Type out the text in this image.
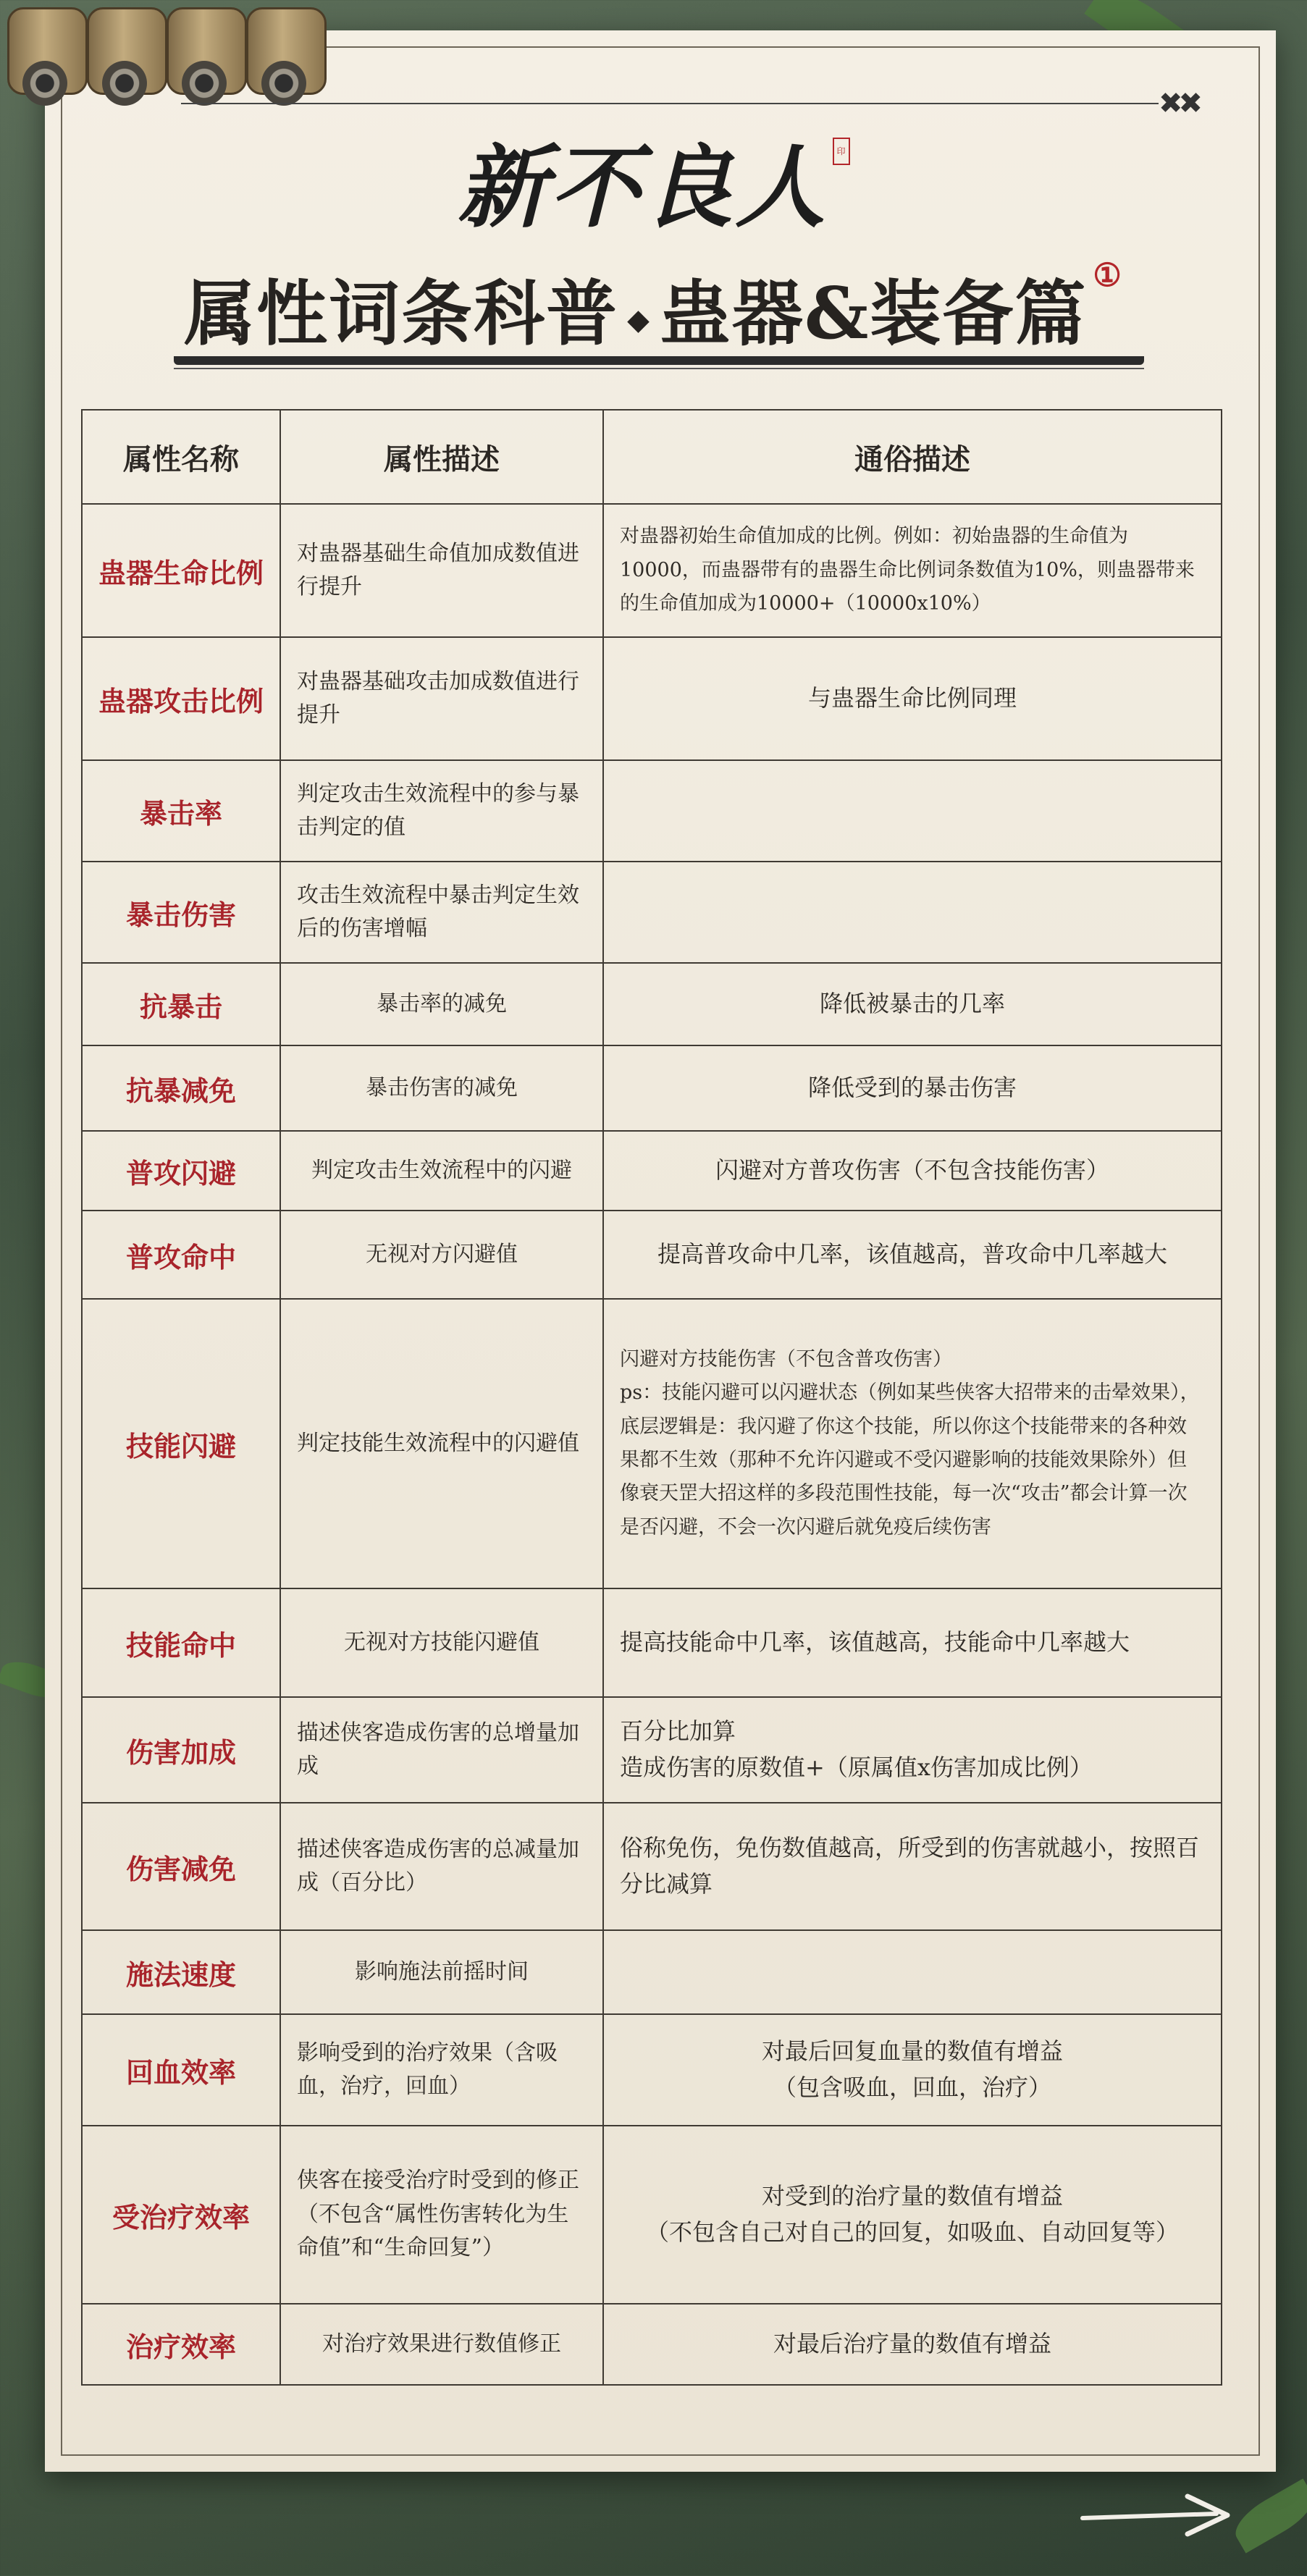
✖✖
新不良人 印
属性词条科普 ◆ 蛊器&装备篇 ①
属性名称	属性描述	通俗描述
蛊器生命比例	对蛊器基础生命值加成数值进行提升	对蛊器初始生命值加成的比例。例如：初始蛊器的生命值为10000，而蛊器带有的蛊器生命比例词条数值为10%，则蛊器带来的生命值加成为10000+（10000x10%）
蛊器攻击比例	对蛊器基础攻击加成数值进行提升	与蛊器生命比例同理
暴击率	判定攻击生效流程中的参与暴击判定的值	
暴击伤害	攻击生效流程中暴击判定生效后的伤害增幅	
抗暴击	暴击率的减免	降低被暴击的几率
抗暴减免	暴击伤害的减免	降低受到的暴击伤害
普攻闪避	判定攻击生效流程中的闪避	闪避对方普攻伤害（不包含技能伤害）
普攻命中	无视对方闪避值	提高普攻命中几率，该值越高，普攻命中几率越大
技能闪避	判定技能生效流程中的闪避值	闪避对方技能伤害（不包含普攻伤害）
ps：技能闪避可以闪避状态（例如某些侠客大招带来的击晕效果），底层逻辑是：我闪避了你这个技能，所以你这个技能带来的各种效果都不生效（那种不允许闪避或不受闪避影响的技能效果除外）但像衰天罡大招这样的多段范围性技能，每一次“攻击”都会计算一次是否闪避，不会一次闪避后就免疫后续伤害
技能命中	无视对方技能闪避值	提高技能命中几率，该值越高，技能命中几率越大
伤害加成	描述侠客造成伤害的总增量加成	百分比加算
造成伤害的原数值+（原属值x伤害加成比例）
伤害减免	描述侠客造成伤害的总减量加成（百分比）	俗称免伤，免伤数值越高，所受到的伤害就越小，按照百分比减算
施法速度	影响施法前摇时间	
回血效率	影响受到的治疗效果（含吸血，治疗，回血）	对最后回复血量的数值有增益
（包含吸血，回血，治疗）
受治疗效率	侠客在接受治疗时受到的修正（不包含“属性伤害转化为生命值”和“生命回复”）	对受到的治疗量的数值有增益
（不包含自己对自己的回复，如吸血、自动回复等）
治疗效率	对治疗效果进行数值修正	对最后治疗量的数值有增益
